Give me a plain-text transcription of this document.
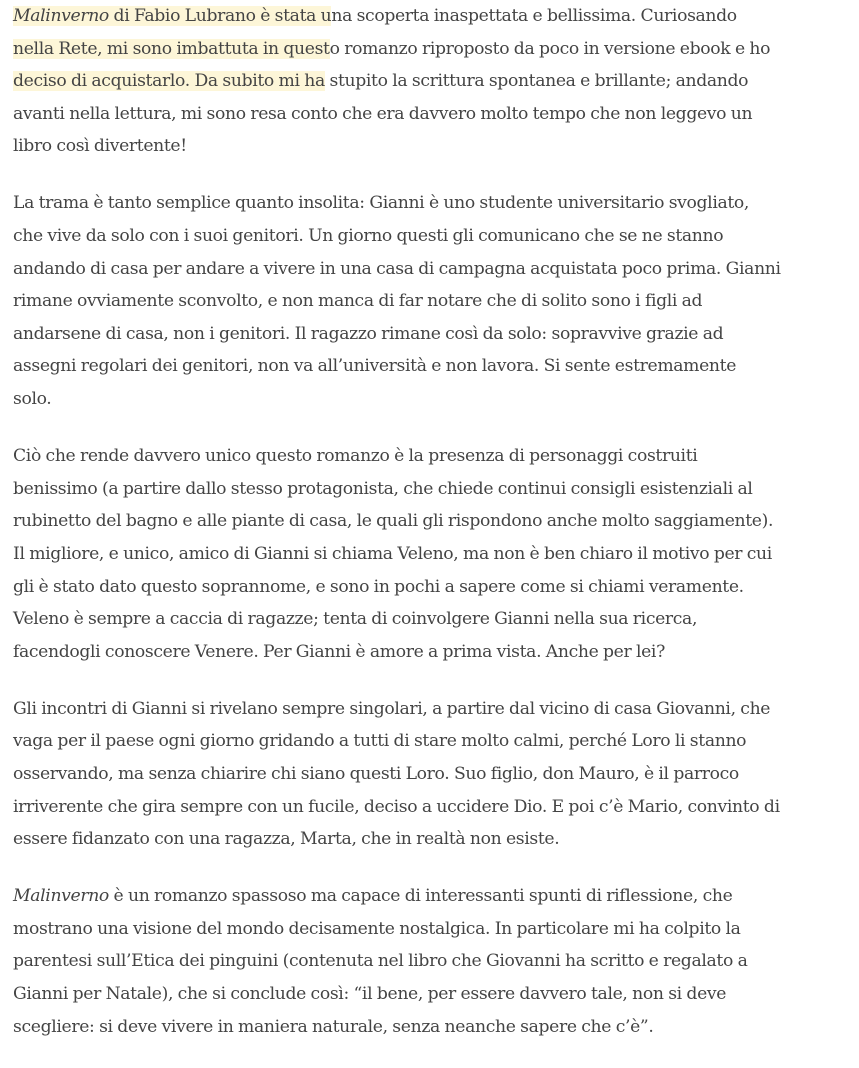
Malinverno di Fabio Lubrano è stata una scoperta inaspettata e bellissima. Curiosando
nella Rete, mi sono imbattuta in questo romanzo riproposto da poco in versione ebook e ho
deciso di acquistarlo. Da subito mi ha stupito la scrittura spontanea e brillante; andando
avanti nella lettura, mi sono resa conto che era davvero molto tempo che non leggevo un
libro così divertente!

La trama è tanto semplice quanto insolita: Gianni è uno studente universitario svogliato,
che vive da solo con i suoi genitori. Un giorno questi gli comunicano che se ne stanno
andando di casa per andare a vivere in una casa di campagna acquistata poco prima. Gianni
rimane ovviamente sconvolto, e non manca di far notare che di solito sono i figli ad
andarsene di casa, non i genitori. Il ragazzo rimane così da solo: sopravvive grazie ad
assegni regolari dei genitori, non va all’università e non lavora. Si sente estremamente
solo.

Ciò che rende davvero unico questo romanzo è la presenza di personaggi costruiti
benissimo (a partire dallo stesso protagonista, che chiede continui consigli esistenziali al
rubinetto del bagno e alle piante di casa, le quali gli rispondono anche molto saggiamente).
Il migliore, e unico, amico di Gianni si chiama Veleno, ma non è ben chiaro il motivo per cui
gli è stato dato questo soprannome, e sono in pochi a sapere come si chiami veramente.
Veleno è sempre a caccia di ragazze; tenta di coinvolgere Gianni nella sua ricerca,
facendogli conoscere Venere. Per Gianni è amore a prima vista. Anche per lei?

Gli incontri di Gianni si rivelano sempre singolari, a partire dal vicino di casa Giovanni, che
vaga per il paese ogni giorno gridando a tutti di stare molto calmi, perché Loro li stanno
osservando, ma senza chiarire chi siano questi Loro. Suo figlio, don Mauro, è il parroco
irriverente che gira sempre con un fucile, deciso a uccidere Dio. E poi c’è Mario, convinto di
essere fidanzato con una ragazza, Marta, che in realtà non esiste.

Malinverno è un romanzo spassoso ma capace di interessanti spunti di riflessione, che
mostrano una visione del mondo decisamente nostalgica. In particolare mi ha colpito la
parentesi sull’Etica dei pinguini (contenuta nel libro che Giovanni ha scritto e regalato a
Gianni per Natale), che si conclude così: “il bene, per essere davvero tale, non si deve
scegliere: si deve vivere in maniera naturale, senza neanche sapere che c’è”.
